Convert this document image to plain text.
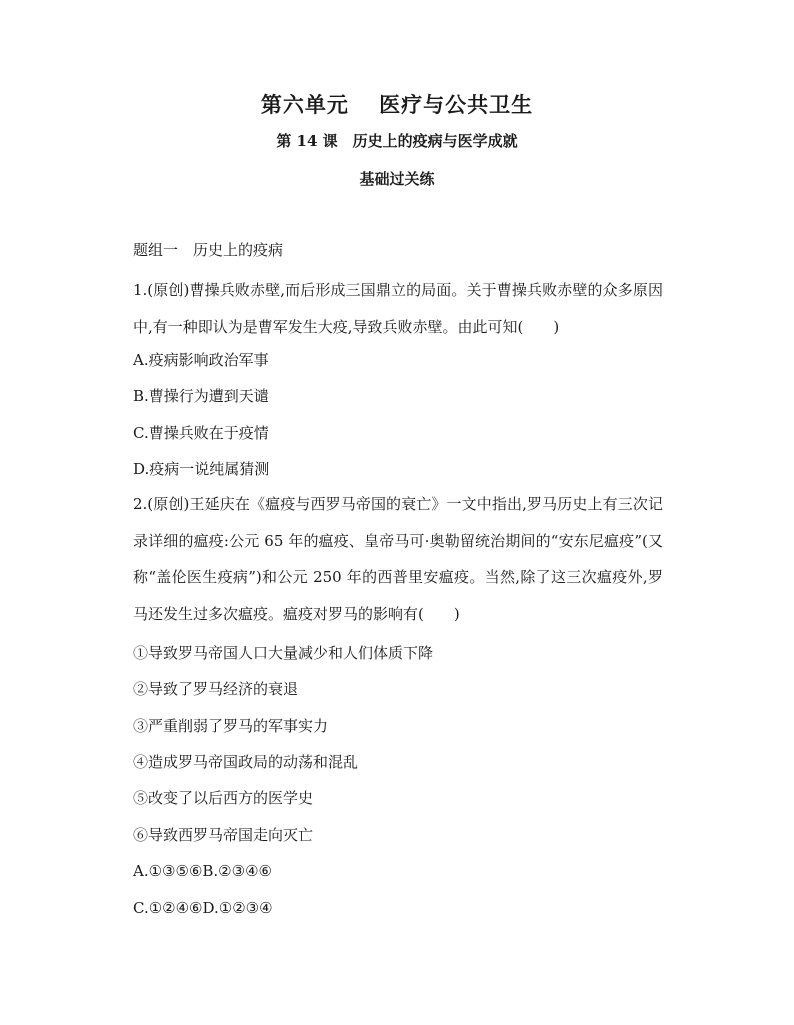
第六单元　 医疗与公共卫生
第 14 课　历史上的疫病与医学成就
基础过关练
题组一　历史上的疫病
1.(原创)曹操兵败赤壁,而后形成三国鼎立的局面。关于曹操兵败赤壁的众多原因中,有一种即认为是曹军发生大疫,导致兵败赤壁。由此可知(　　)
A.疫病影响政治军事
B.曹操行为遭到天谴
C.曹操兵败在于疫情
D.疫病一说纯属猜测
2.(原创)王延庆在《瘟疫与西罗马帝国的衰亡》一文中指出,罗马历史上有三次记录详细的瘟疫:公元 65 年的瘟疫、皇帝马可·奥勒留统治期间的“安东尼瘟疫”(又称“盖伦医生疫病”)和公元 250 年的西普里安瘟疫。当然,除了这三次瘟疫外,罗马还发生过多次瘟疫。瘟疫对罗马的影响有(　　)
①导致罗马帝国人口大量减少和人们体质下降
②导致了罗马经济的衰退
③严重削弱了罗马的军事实力
④造成罗马帝国政局的动荡和混乱
⑤改变了以后西方的医学史
⑥导致西罗马帝国走向灭亡
A.①③⑤⑥B.②③④⑥
C.①②④⑥D.①②③④
